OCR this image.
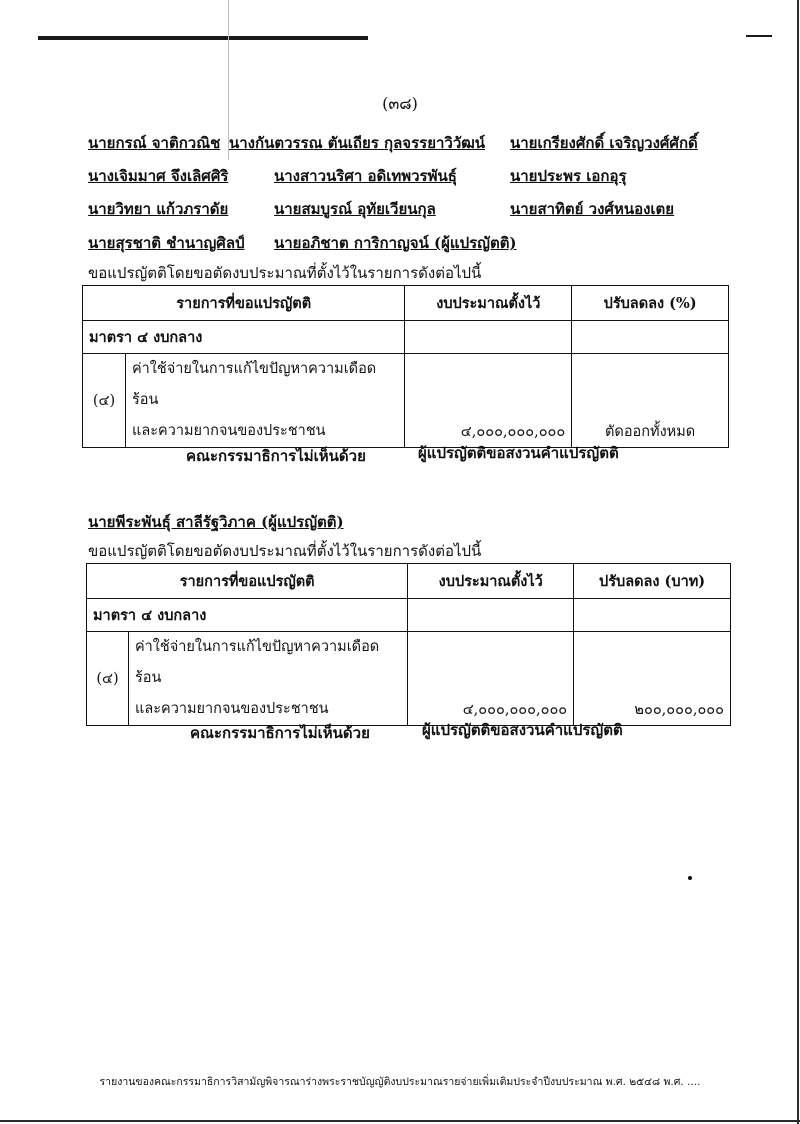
(๓๘)
นายกรณ์ จาติกวณิช นางกันตวรรณ ตันเถียร กุลจรรยาวิวัฒน์ นายเกรียงศักดิ์ เจริญวงศ์ศักดิ์
นางเจิมมาศ จึงเลิศศิริ	นางสาวนริศา อดิเทพวรพันธุ์	นายประพร เอกอุรุ
นายวิทยา แก้วภราดัย	นายสมบูรณ์ อุทัยเวียนกุล	นายสาทิตย์ วงศ์หนองเตย
นายสุรชาติ ชำนาญศิลป์ นายอภิชาต การิกาญจน์ (ผู้แปรญัตติ)
ขอแปรญัตติโดยขอตัดงบประมาณที่ตั้งไว้ในรายการดังต่อไปนี้
รายการที่ขอแปรญัตติ		งบประมาณตั้งไว้	ปรับลดลง (%)
มาตรา ๔ งบกลาง			
(๔)	ค่าใช้จ่ายในการแก้ไขปัญหาความเดือดร้อน
และความยากจนของประชาชน	๔,๐๐๐,๐๐๐,๐๐๐	ตัดออกทั้งหมด
คณะกรรมาธิการไม่เห็นด้วย	ผู้แปรญัตติขอสงวนคำแปรญัตติ
นายพีระพันธุ์ สาลีรัฐวิภาค (ผู้แปรญัตติ)
ขอแปรญัตติโดยขอตัดงบประมาณที่ตั้งไว้ในรายการดังต่อไปนี้
รายการที่ขอแปรญัตติ		งบประมาณตั้งไว้	ปรับลดลง (บาท)
มาตรา ๔ งบกลาง			
(๔)	ค่าใช้จ่ายในการแก้ไขปัญหาความเดือดร้อน
และความยากจนของประชาชน	๔,๐๐๐,๐๐๐,๐๐๐	๒๐๐,๐๐๐,๐๐๐
คณะกรรมาธิการไม่เห็นด้วย	ผู้แปรญัตติขอสงวนคำแปรญัตติ
รายงานของคณะกรรมาธิการวิสามัญพิจารณาร่างพระราชบัญญัติงบประมาณรายจ่ายเพิ่มเติมประจำปีงบประมาณ พ.ศ. ๒๕๔๘ พ.ศ. ....
